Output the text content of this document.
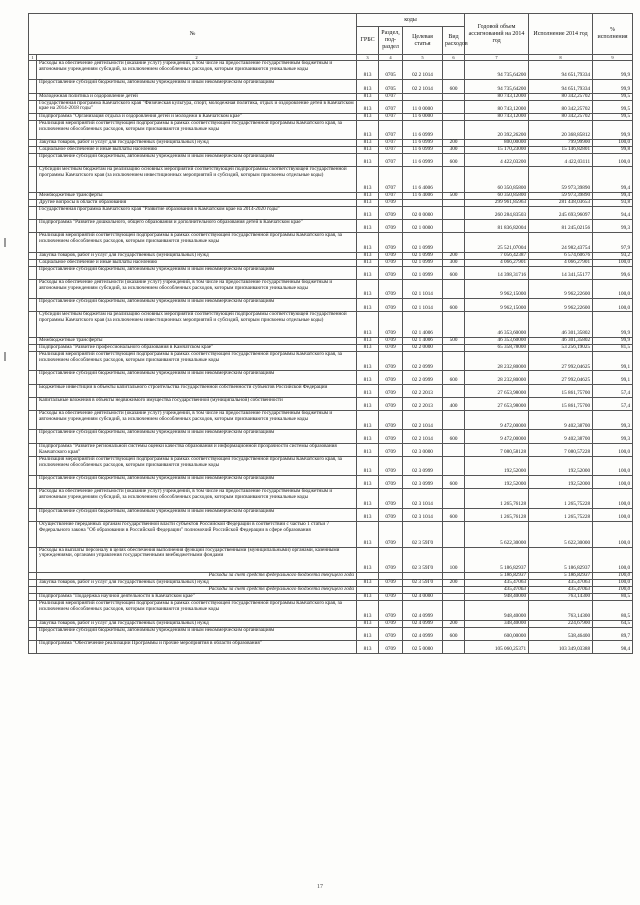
№		коды				Годовой объем ассигнований на 2014 год	Исполнение 2014 год	% исполнения
		ГРБС	Раздел, под-раздел	Целевая статья	Вид расходов			
1	2	3	4	5	6	7	8	9
	Расходы на обеспечение деятельности (оказание услуг) учреждений, в том числе на предоставление государственным бюджетным и автономным учреждениям субсидий, за исключением обособленных расходов, которым присваиваются уникальные коды	813	0705	02 2 1014		94 735,64200	94 651,79334	99,9
	Предоставление субсидий бюджетным, автономным учреждениям и иным некоммерческим организациям	813	0705	02 2 1014	600	94 735,64200	94 651,79334	99,9
	Молодежная политика и оздоровление детей	813	0707			80 743,12000	80 342,25702	99,5
	Государственная программа Камчатского края "Физическая культура, спорт, молодежная политика, отдых и оздоровление детей в Камчатском крае на 2014-2018 годы"	813	0707	11 0 0000		80 743,12000	80 342,25702	99,5
	Подпрограмма "Организация отдыха и оздоровления детей и молодежи в Камчатском крае"	813	0707	11 6 0000		80 743,12000	80 342,25702	99,5
	Реализация мероприятий соответствующей подпрограммы в рамках соответствующей государственной программы Камчатского края, за исключением обособленных расходов, которым присваиваются уникальные коды	813	0707	11 6 0999		20 392,26200	20 368,85812	99,9
	Закупка товаров, работ и услуг для государственных (муниципальных) нужд	813	0707	11 6 0999	200	800,00000	799,99900	100,0
	Социальное обеспечение и иные выплаты населению	813	0707	11 6 0999	300	15 170,23000	15 146,82801	99,8
	Предоставление субсидий бюджетным, автономным учреждениям и иным некоммерческим организациям	813	0707	11 6 0999	600	4 422,03200	4 422,03111	100,0
	Субсидии местным бюджетам на реализацию основных мероприятий соответствующей подпрограммы соответствующей государственной программы Камчатского края (за исключением инвестиционных мероприятий и субсидий, которым присвоены отдельные коды)	813	0707	11 6 4006		60 350,85800	59 973,39890	99,4
	Межбюджетные трансферты	813	0707	11 6 4006	500	60 350,85800	59 973,39890	99,4
	Другие вопросы в области образования	813	0709			299 961,85963	281 438,03653	93,8
	Государственная программа Камчатского края "Развитие образования в Камчатском крае на 2014-2020 годы"	813	0709	02 0 0000		260 284,83503	245 693,96097	94,4
	Подпрограмма "Развитие дошкольного, общего образования и дополнительного образования детей в Камчатском крае"	813	0709	02 1 0000		81 836,82004	81 245,02156	99,3
	Реализация мероприятий соответствующей подпрограммы в рамках соответствующей государственной программы Камчатского края, за исключением обособленных расходов, которым присваиваются уникальные коды	813	0709	02 1 0999		25 521,07004	24 982,43754	97,9
	Закупка товаров, работ и услуг для государственных (муниципальных) нужд	813	0709	02 1 0999	200	7 056,42387	6 574,60676	93,2
	Социальное обеспечение и иные выплаты населению	813	0709	02 1 0999	300	4 066,27901	4 066,27901	100,0
	Предоставление субсидий бюджетным, автономным учреждениям и иным некоммерческим организациям	813	0709	02 1 0999	600	14 398,31716	14 341,55177	99,6
	Расходы на обеспечение деятельности (оказание услуг) учреждений, в том числе на предоставление государственным бюджетным и автономным учреждениям субсидий, за исключением обособленных расходов, которым присваиваются уникальные коды	813	0709	02 1 1014		9 962,15000	9 962,22600	100,0
	Предоставление субсидий бюджетным, автономным учреждениям и иным некоммерческим организациям	813	0709	02 1 1014	600	9 962,15000	9 962,22600	100,0
	Субсидии местным бюджетам на реализацию основных мероприятий соответствующей подпрограммы соответствующей государственной программы Камчатского края (за исключением инвестиционных мероприятий и субсидий, которым присвоены отдельные коды)	813	0709	02 1 4006		46 353,60000	46 301,35802	99,9
	Межбюджетные трансферты	813	0709	02 1 4006	500	46 353,60000	46 301,35802	99,9
	Подпрограмма "Развитие профессионального образования в Камчатском крае"	813	0709	02 2 0000		65 358,78000	53 256,19025	81,5
	Реализация мероприятий соответствующей подпрограммы в рамках соответствующей государственной программы Камчатского края, за исключением обособленных расходов, которым присваиваются уникальные коды	813	0709	02 2 0999		28 232,80000	27 992,04625	99,1
	Предоставление субсидий бюджетным, автономным учреждениям и иным некоммерческим организациям	813	0709	02 2 0999	600	28 232,80000	27 992,04625	99,1
	Бюджетные инвестиции в объекты капитального строительства государственной собственности субъектов Российской Федерации	813	0709	02 2 2013		27 653,98000	15 861,75700	57,4
	Капитальные вложения в объекты недвижимого имущества государственной (муниципальной) собственности	813	0709	02 2 2013	400	27 653,98000	15 861,75700	57,4
	Расходы на обеспечение деятельности (оказание услуг) учреждений, в том числе на предоставление государственным бюджетным и автономным учреждениям субсидий, за исключением обособленных расходов, которым присваиваются уникальные коды	813	0709	02 2 1014		9 472,00000	9 402,38700	99,3
	Предоставление субсидий бюджетным, автономным учреждениям и иным некоммерческим организациям	813	0709	02 2 1014	600	9 472,00000	9 402,38700	99,3
	Подпрограмма "Развитие региональной системы оценки качества образования и информационной прозрачности системы образования Камчатского края"	813	0709	02 3 0000		7 080,58128	7 080,57228	100,0
	Реализация мероприятий соответствующей подпрограммы в рамках соответствующей государственной программы Камчатского края, за исключением обособленных расходов, которым присваиваются уникальные коды	813	0709	02 3 0999		192,52000	192,52000	100,0
	Предоставление субсидий бюджетным, автономным учреждениям и иным некоммерческим организациям	813	0709	02 3 0999	600	192,52000	192,52000	100,0
	Расходы на обеспечение деятельности (оказание услуг) учреждений, в том числе на предоставление государственным бюджетным и автономным учреждениям субсидий, за исключением обособленных расходов, которым присваиваются уникальные коды	813	0709	02 3 1014		1 265,76128	1 265,75228	100,0
	Предоставление субсидий бюджетным, автономным учреждениям и иным некоммерческим организациям	813	0709	02 3 1014	600	1 265,76128	1 265,75228	100,0
	Осуществление переданных органам государственной власти субъектов Российской Федерации в соответствии с частью 1 статьи 7 Федерального закона "Об образовании в Российской Федерации" полномочий Российской Федерации в сфере образования	813	0709	02 3 59Г0		5 622,30000	5 622,30000	100,0
	Расходы на выплаты персоналу в целях обеспечения выполнения функций государственными (муниципальными) органами, казенными учреждениями, органами управления государственными внебюджетными фондами	813	0709	02 3 59Г0	100	5 186,82937	5 186,82937	100,0
	Расходы за счет средств федерального бюджета текущего года					5 186,82937	5 186,82937	100,0
	Закупка товаров, работ и услуг для государственных (муниципальных) нужд	813	0709	02 3 59Г0	200	435,47063	435,47063	100,0
	Расходы за счет средств федерального бюджета текущего года					435,47063	435,47063	100,0
	Подпрограмма "Поддержка научной деятельности в Камчатском крае"	813	0709	02 4 0000		948,40000	763,14300	80,5
	Реализация мероприятий соответствующей подпрограммы в рамках соответствующей государственной программы Камчатского края, за исключением обособленных расходов, которым присваиваются уникальные коды	813	0709	02 4 0999		948,40000	763,14300	80,5
	Закупка товаров, работ и услуг для государственных (муниципальных) нужд	813	0709	02 4 0999	200	348,40000	224,67900	64,5
	Предоставление субсидий бюджетным, автономным учреждениям и иным некоммерческим организациям	813	0709	02 4 0999	600	600,00000	538,46400	89,7
	Подпрограмма "Обеспечение реализации Программы и прочие мероприятия в области образования"	813	0709	02 5 0000		105 060,25371	103 349,03388	98,4
17
